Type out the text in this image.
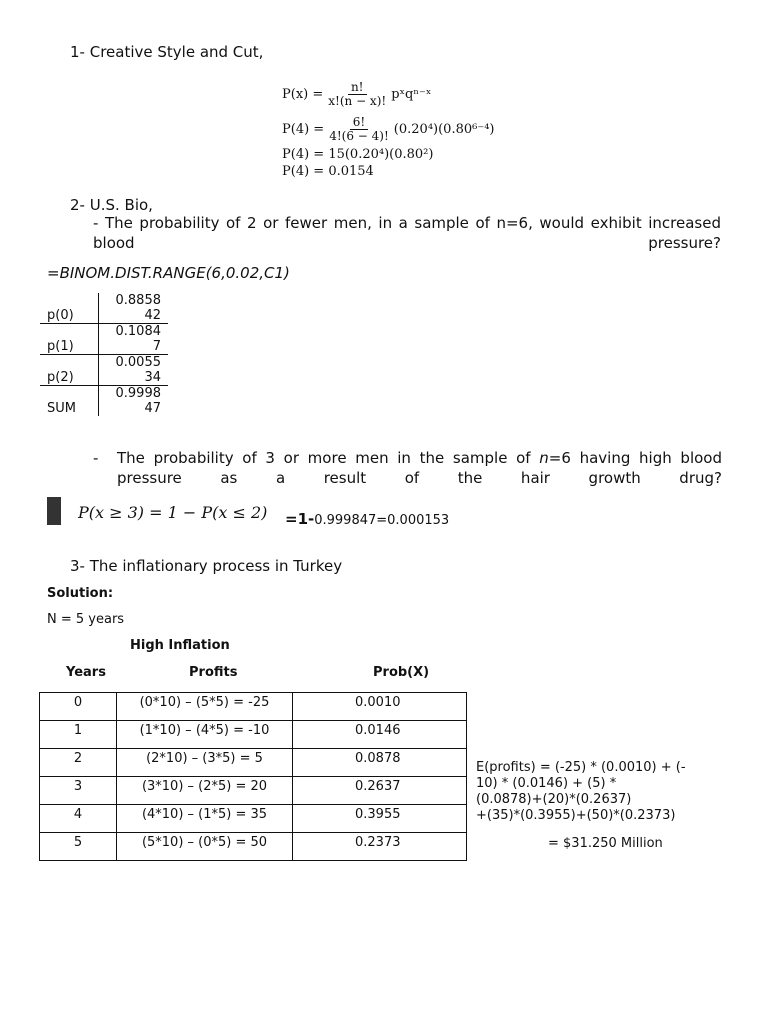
1- Creative Style and Cut,
$P(x) = \frac{n!}{x!(n - x)!}$ pˣqⁿ⁻ˣ
$P(4) = \frac{6!}{4!(6 - 4)!} (0.20^4)(0.80^{6-4})$
P(4) = 15(0.20⁴)(0.80²)
P(4) = 0.0154
2- U.S. Bio,
- The probability of 2 or fewer men, in a sample of n=6, would exhibit increased blood pressure?
=BINOM.DIST.RANGE(6,0.02,C1)
	0.8858
p(0)	42
	0.1084
p(1)	7
	0.0055
p(2)	34
	0.9998
SUM	47
- The probability of 3 or more men in the sample of n=6 having high blood pressure as a result of the hair growth drug?
P(x ≥ 3) = 1 − P(x ≤ 2) =1-0.999847=0.000153
3- The inflationary process in Turkey
Solution:
N = 5 years
High Inflation
Years	Profits	Prob(X)
0	(0*10) – (5*5) = -25	0.0010
1	(1*10) – (4*5) = -10	0.0146
2	(2*10) – (3*5) = 5	0.0878
3	(3*10) – (2*5) = 20	0.2637
4	(4*10) – (1*5) = 35	0.3955
5	(5*10) – (0*5) = 50	0.2373
E(profits) = (-25) * (0.0010) + (-
10) * (0.0146) + (5) *
(0.0878)+(20)*(0.2637)
+(35)*(0.3955)+(50)*(0.2373)
= $31.250 Million
